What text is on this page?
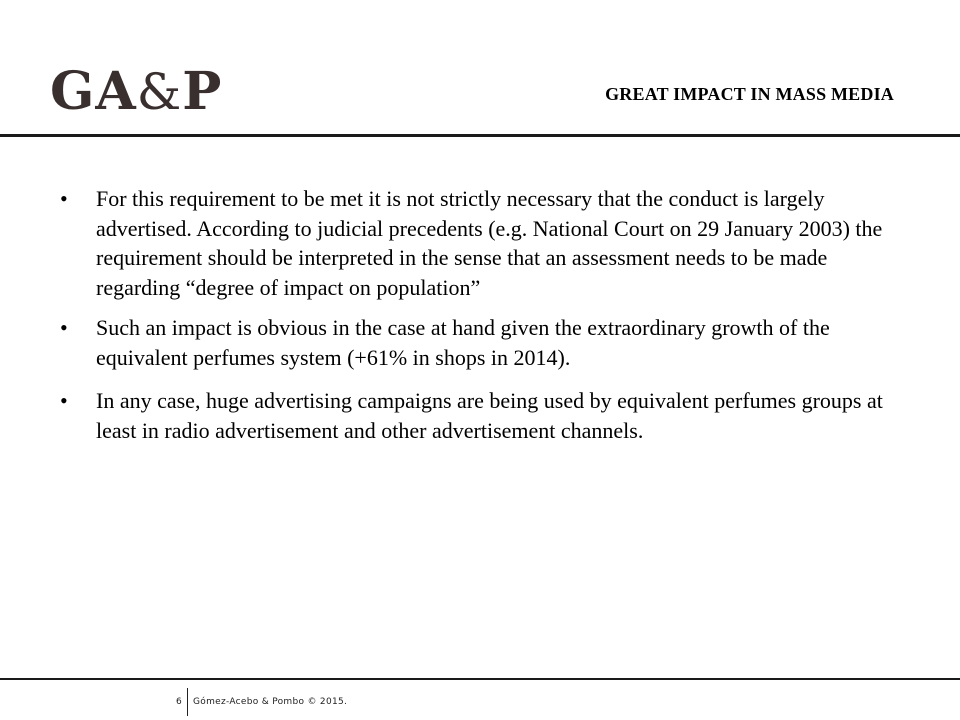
GA&P	GREAT IMPACT IN MASS MEDIA
• For this requirement to be met it is not strictly necessary that the conduct is largely advertised. According to judicial precedents (e.g. National Court on 29 January 2003) the requirement should be interpreted in the sense that an assessment needs to be made regarding “degree of impact on population”
• Such an impact is obvious in the case at hand given the extraordinary growth of the equivalent perfumes system (+61% in shops in 2014).
• In any case, huge advertising campaigns are being used by equivalent perfumes groups at least in radio advertisement and other advertisement channels.
6 Gómez-Acebo & Pombo © 2015.
